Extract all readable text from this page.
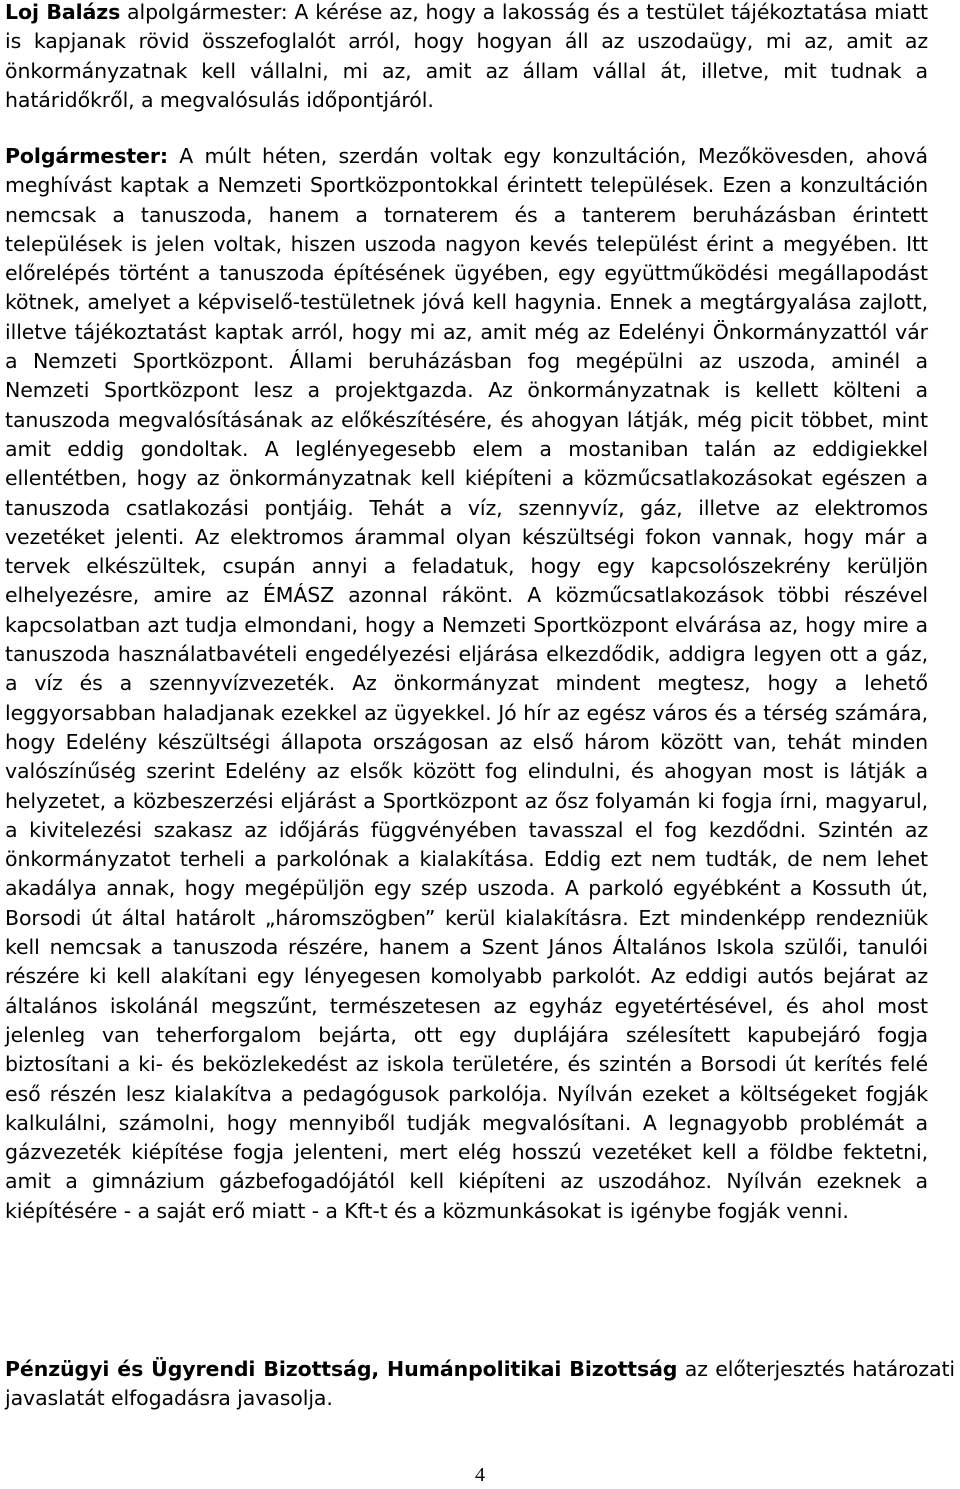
Loj Balázs alpolgármester: A kérése az, hogy a lakosság és a testület tájékoztatása miatt is kapjanak rövid összefoglalót arról, hogy hogyan áll az uszodaügy, mi az, amit az önkormányzatnak kell vállalni, mi az, amit az állam vállal át, illetve, mit tudnak a határidőkről, a megvalósulás időpontjáról.

Polgármester: A múlt héten, szerdán voltak egy konzultáción, Mezőkövesden, ahová meghívást kaptak a Nemzeti Sportközpontokkal érintett települések. Ezen a konzultáción nemcsak a tanuszoda, hanem a tornaterem és a tanterem beruházásban érintett települések is jelen voltak, hiszen uszoda nagyon kevés települést érint a megyében. Itt előrelépés történt a tanuszoda építésének ügyében, egy együttműködési megállapodást kötnek, amelyet a képviselő-testületnek jóvá kell hagynia. Ennek a megtárgyalása zajlott, illetve tájékoztatást kaptak arról, hogy mi az, amit még az Edelényi Önkormányzattól vár a Nemzeti Sportközpont. Állami beruházásban fog megépülni az uszoda, aminél a Nemzeti Sportközpont lesz a projektgazda. Az önkormányzatnak is kellett költeni a tanuszoda megvalósításának az előkészítésére, és ahogyan látják, még picit többet, mint amit eddig gondoltak. A leglényegesebb elem a mostaniban talán az eddigiekkel ellentétben, hogy az önkormányzatnak kell kiépíteni a közműcsatlakozásokat egészen a tanuszoda csatlakozási pontjáig. Tehát a víz, szennyvíz, gáz, illetve az elektromos vezetéket jelenti. Az elektromos árammal olyan készültségi fokon vannak, hogy már a tervek elkészültek, csupán annyi a feladatuk, hogy egy kapcsolószekrény kerüljön elhelyezésre, amire az ÉMÁSZ azonnal rákönt. A közműcsatlakozások többi részével kapcsolatban azt tudja elmondani, hogy a Nemzeti Sportközpont elvárása az, hogy mire a tanuszoda használatbavételi engedélyezési eljárása elkezdődik, addigra legyen ott a gáz, a víz és a szennyvízvezeték. Az önkormányzat mindent megtesz, hogy a lehető leggyorsabban haladjanak ezekkel az ügyekkel. Jó hír az egész város és a térség számára, hogy Edelény készültségi állapota országosan az első három között van, tehát minden valószínűség szerint Edelény az elsők között fog elindulni, és ahogyan most is látják a helyzetet, a közbeszerzési eljárást a Sportközpont az ősz folyamán ki fogja írni, magyarul, a kivitelezési szakasz az időjárás függvényében tavasszal el fog kezdődni. Szintén az önkormányzatot terheli a parkolónak a kialakítása. Eddig ezt nem tudták, de nem lehet akadálya annak, hogy megépüljön egy szép uszoda. A parkoló egyébként a Kossuth út, Borsodi út által határolt „háromszögben” kerül kialakításra. Ezt mindenképp rendezniük kell nemcsak a tanuszoda részére, hanem a Szent János Általános Iskola szülői, tanulói részére ki kell alakítani egy lényegesen komolyabb parkolót. Az eddigi autós bejárat az általános iskolánál megszűnt, természetesen az egyház egyetértésével, és ahol most jelenleg van teherforgalom bejárta, ott egy duplájára szélesített kapubejáró fogja biztosítani a ki- és beközlekedést az iskola területére, és szintén a Borsodi út kerítés felé eső részén lesz kialakítva a pedagógusok parkolója. Nyílván ezeket a költségeket fogják kalkulálni, számolni, hogy mennyiből tudják megvalósítani. A legnagyobb problémát a gázvezeték kiépítése fogja jelenteni, mert elég hosszú vezetéket kell a földbe fektetni, amit a gimnázium gázbefogadójától kell kiépíteni az uszodához. Nyílván ezeknek a kiépítésére - a saját erő miatt - a Kft-t és a közmunkásokat is igénybe fogják venni.

Pénzügyi és Ügyrendi Bizottság, Humánpolitikai Bizottság az előterjesztés határozati javaslatát elfogadásra javasolja.

4
